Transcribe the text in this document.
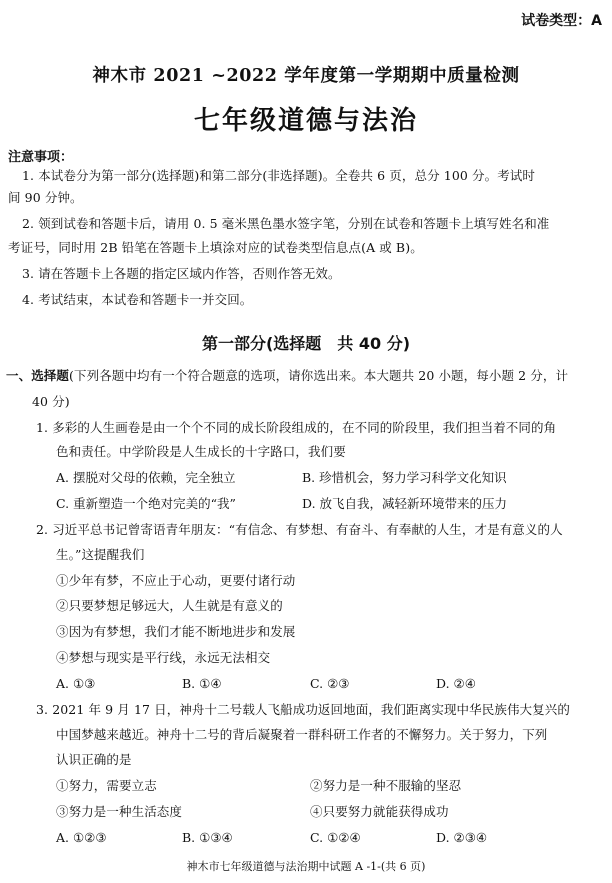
试卷类型：A
神木市 2021 ~2022 学年度第一学期期中质量检测
七年级道德与法治
注意事项：
1. 本试卷分为第一部分(选择题)和第二部分(非选择题)。全卷共 6 页，总分 100 分。考试时
间 90 分钟。
2. 领到试卷和答题卡后，请用 0. 5 毫米黑色墨水签字笔，分别在试卷和答题卡上填写姓名和准
考证号，同时用 2B 铅笔在答题卡上填涂对应的试卷类型信息点(A 或 B)。
3. 请在答题卡上各题的指定区域内作答，否则作答无效。
4. 考试结束，本试卷和答题卡一并交回。
第一部分(选择题　共 40 分)
一、选择题(下列各题中均有一个符合题意的选项，请你选出来。本大题共 20 小题，每小题 2 分，计
40 分)
1. 多彩的人生画卷是由一个个不同的成长阶段组成的，在不同的阶段里，我们担当着不同的角
色和责任。中学阶段是人生成长的十字路口，我们要
A. 摆脱对父母的依赖，完全独立	B. 珍惜机会，努力学习科学文化知识
C. 重新塑造一个绝对完美的“我”	D. 放飞自我，减轻新环境带来的压力
2. 习近平总书记曾寄语青年朋友：“有信念、有梦想、有奋斗、有奉献的人生，才是有意义的人
生。”这提醒我们
①少年有梦，不应止于心动，更要付诸行动
②只要梦想足够远大，人生就是有意义的
③因为有梦想，我们才能不断地进步和发展
④梦想与现实是平行线，永远无法相交
A. ①③	B. ①④	C. ②③	D. ②④
3. 2021 年 9 月 17 日，神舟十二号载人飞船成功返回地面，我们距离实现中华民族伟大复兴的
中国梦越来越近。神舟十二号的背后凝聚着一群科研工作者的不懈努力。关于努力，下列
认识正确的是
①努力，需要立志	②努力是一种不服输的坚忍
③努力是一种生活态度	④只要努力就能获得成功
A. ①②③	B. ①③④	C. ①②④	D. ②③④
神木市七年级道德与法治期中试题 A -1-(共 6 页)
